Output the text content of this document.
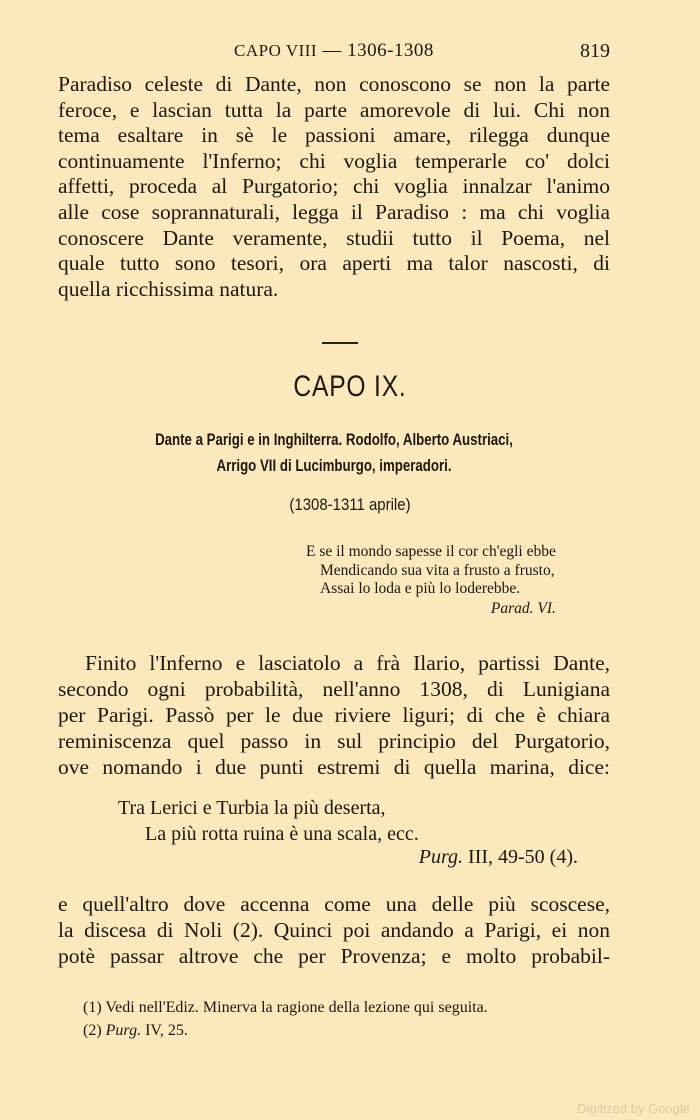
CAPO VIII — 1306-1308	819
Paradiso celeste di Dante, non conoscono se non la parte
feroce, e lascian tutta la parte amorevole di lui. Chi non
tema esaltare in sè le passioni amare, rilegga dunque
continuamente l'Inferno; chi voglia temperarle co' dolci
affetti, proceda al Purgatorio; chi voglia innalzar l'animo
alle cose soprannaturali, legga il Paradiso : ma chi voglia
conoscere Dante veramente, studii tutto il Poema, nel
quale tutto sono tesori, ora aperti ma talor nascosti, di
quella ricchissima natura.
CAPO IX.
Dante a Parigi e in Inghilterra. Rodolfo, Alberto Austriaci,
Arrigo VII di Lucimburgo, imperadori.
(1308-1311 aprile)
E se il mondo sapesse il cor ch'egli ebbe
Mendicando sua vita a frusto a frusto,
Assai lo loda e più lo loderebbe.
Parad. VI.
Finito l'Inferno e lasciatolo a frà Ilario, partissi Dante,
secondo ogni probabilità, nell'anno 1308, di Lunigiana
per Parigi. Passò per le due riviere liguri; di che è chiara
reminiscenza quel passo in sul principio del Purgatorio,
ove nomando i due punti estremi di quella marina, dice:
Tra Lerici e Turbia la più deserta,
La più rotta ruina è una scala, ecc.
Purg. III, 49-50 (4).
e quell'altro dove accenna come una delle più scoscese,
la discesa di Noli (2). Quinci poi andando a Parigi, ei non
potè passar altrove che per Provenza; e molto probabil-
(1) Vedi nell'Ediz. Minerva la ragione della lezione qui seguita.
(2) Purg. IV, 25.
Digitized by Google
